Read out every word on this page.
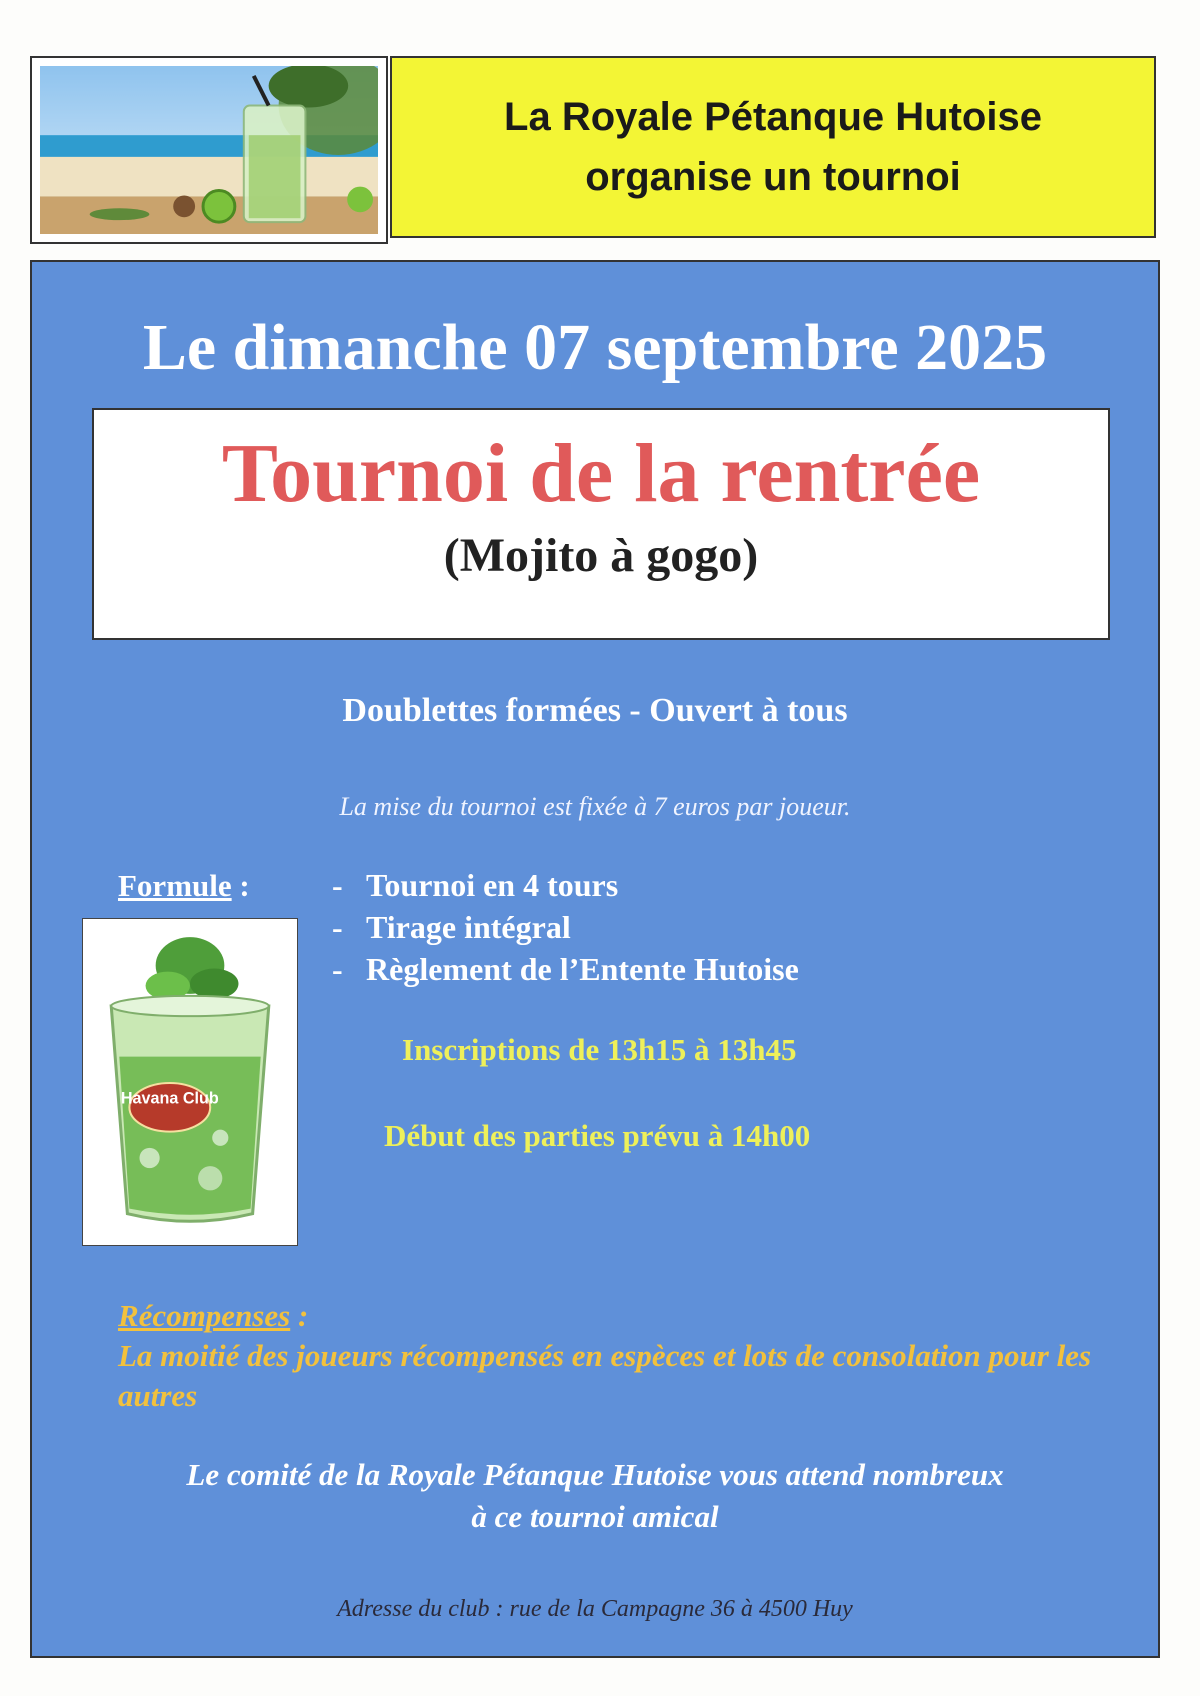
La Royale Pétanque Hutoise
organise un tournoi
Le dimanche 07 septembre 2025
Tournoi de la rentrée
(Mojito à gogo)
Doublettes formées - Ouvert à tous
La mise du tournoi est fixée à 7 euros par joueur.
Formule :
-	Tournoi en 4 tours
- Tirage intégral
- Règlement de l’Entente Hutoise
Havana Club
Inscriptions de 13h15 à 13h45
Début des parties prévu à 14h00
Récompenses :
La moitié des joueurs récompensés en espèces et lots de consolation pour les autres
Le comité de la Royale Pétanque Hutoise vous attend nombreux
à ce tournoi amical
Adresse du club : rue de la Campagne 36 à 4500 Huy
